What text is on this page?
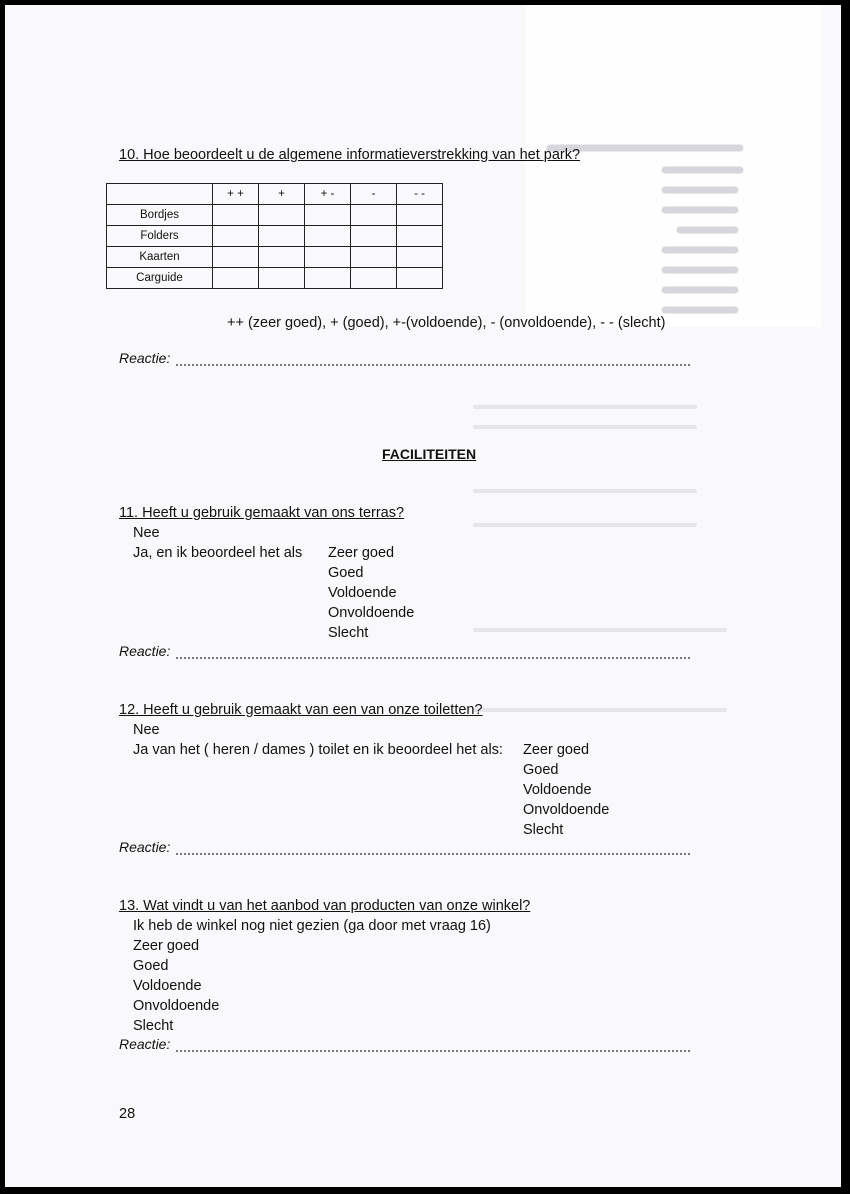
10. Hoe beoordeelt u de algemene informatieverstrekking van het park?
	+ +	+	+ -	-	- -
Bordjes					
Folders					
Kaarten					
Carguide					
++ (zeer goed), + (goed), +-(voldoende), - (onvoldoende), - - (slecht)
Reactie:
FACILITEITEN
11. Heeft u gebruik gemaakt van ons terras?
Nee
Ja, en ik beoordeel het als Zeer goed
Goed
Voldoende
Onvoldoende
Slecht
Reactie:
12. Heeft u gebruik gemaakt van een van onze toiletten?
Nee
Ja van het ( heren / dames ) toilet en ik beoordeel het als: Zeer goed
Goed
Voldoende
Onvoldoende
Slecht
Reactie:
13. Wat vindt u van het aanbod van producten van onze winkel?
Ik heb de winkel nog niet gezien (ga door met vraag 16)
Zeer goed
Goed
Voldoende
Onvoldoende
Slecht
Reactie:
28
